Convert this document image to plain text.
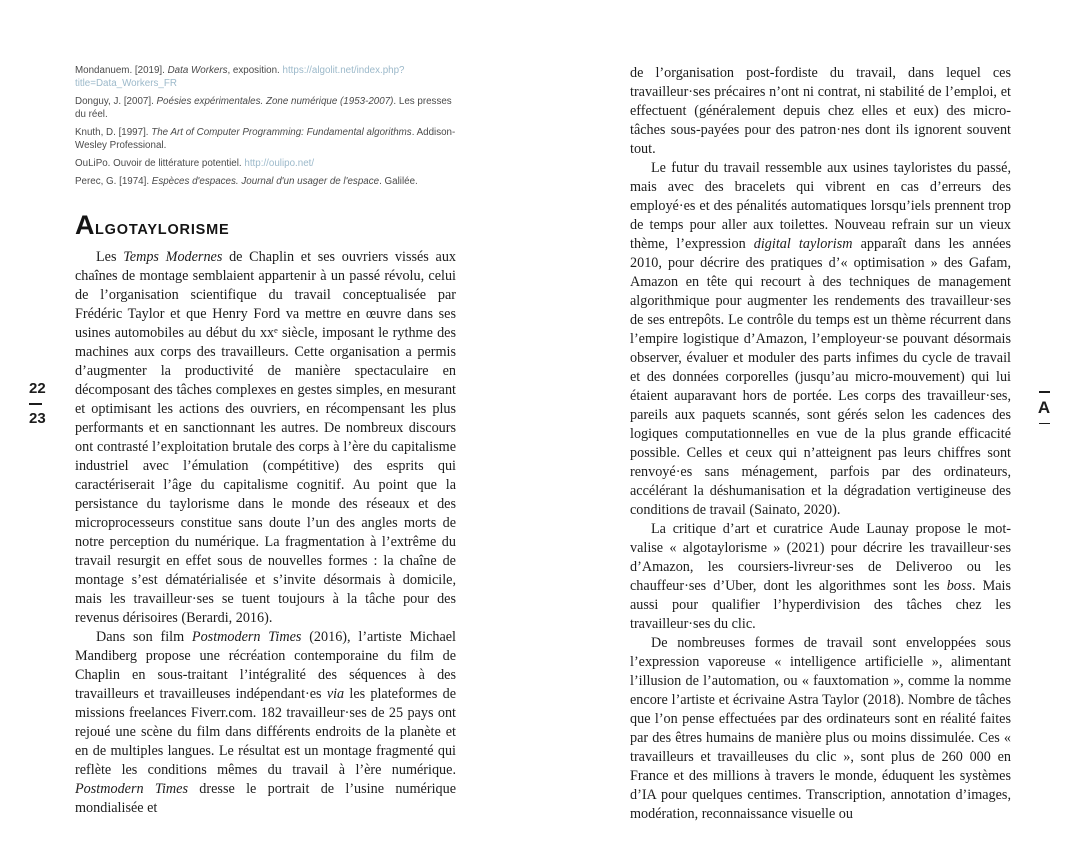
22
23

Mondanuem. [2019]. Data Workers, exposition. https://algolit.net/index.php?title=Data_Workers_FR

Donguy, J. [2007]. Poésies expérimentales. Zone numérique (1953-2007). Les presses du réel.

Knuth, D. [1997]. The Art of Computer Programming: Fundamental algorithms. Addison-Wesley Professional.

OuLiPo. Ouvoir de littérature potentiel. http://oulipo.net/

Perec, G. [1974]. Espèces d'espaces. Journal d'un usager de l'espace. Galilée.

ALGOTAYLORISME

Les Temps Modernes de Chaplin et ses ouvriers vissés aux chaînes de montage semblaient appartenir à un passé révolu, celui de l’organisation scientifique du travail conceptualisée par Frédéric Taylor et que Henry Ford va mettre en œuvre dans ses usines automobiles au début du xxᵉ siècle, imposant le rythme des machines aux corps des travailleurs. Cette organisation a permis d’augmenter la productivité de manière spectaculaire en décomposant des tâches complexes en gestes simples, en mesurant et optimisant les actions des ouvriers, en récompensant les plus performants et en sanctionnant les autres. De nombreux discours ont contrasté l’exploitation brutale des corps à l’ère du capitalisme industriel avec l’émulation (compétitive) des esprits qui caractériserait l’âge du capitalisme cognitif. Au point que la persistance du taylorisme dans le monde des réseaux et des microprocesseurs constitue sans doute l’un des angles morts de notre perception du numérique. La fragmentation à l’extrême du travail resurgit en effet sous de nouvelles formes : la chaîne de montage s’est dématérialisée et s’invite désormais à domicile, mais les travailleur·ses se tuent toujours à la tâche pour des revenus dérisoires (Berardi, 2016).

Dans son film Postmodern Times (2016), l’artiste Michael Mandiberg propose une récréation contemporaine du film de Chaplin en sous-traitant l’intégralité des séquences à des travailleurs et travailleuses indépendant·es via les plateformes de missions freelances Fiverr.com. 182 travailleur·ses de 25 pays ont rejoué une scène du film dans différents endroits de la planète et en de multiples langues. Le résultat est un montage fragmenté qui reflète les conditions mêmes du travail à l’ère numérique. Postmodern Times dresse le portrait de l’usine numérique mondialisée et

de l’organisation post-fordiste du travail, dans lequel ces travailleur·ses précaires n’ont ni contrat, ni stabilité de l’emploi, et effectuent (généralement depuis chez elles et eux) des micro-tâches sous-payées pour des patron·nes dont ils ignorent souvent tout.

Le futur du travail ressemble aux usines tayloristes du passé, mais avec des bracelets qui vibrent en cas d’erreurs des employé·es et des pénalités automatiques lorsqu’iels prennent trop de temps pour aller aux toilettes. Nouveau refrain sur un vieux thème, l’expression digital taylorism apparaît dans les années 2010, pour décrire des pratiques d’« optimisation » des Gafam, Amazon en tête qui recourt à des techniques de management algorithmique pour augmenter les rendements des travailleur·ses de ses entrepôts. Le contrôle du temps est un thème récurrent dans l’empire logistique d’Amazon, l’employeur·se pouvant désormais observer, évaluer et moduler des parts infimes du cycle de travail et des données corporelles (jusqu’au micro-mouvement) qui lui étaient auparavant hors de portée. Les corps des travailleur·ses, pareils aux paquets scannés, sont gérés selon les cadences des logiques computationnelles en vue de la plus grande efficacité possible. Celles et ceux qui n’atteignent pas leurs chiffres sont renvoyé·es sans ménagement, parfois par des ordinateurs, accélérant la déshumanisation et la dégradation vertigineuse des conditions de travail (Sainato, 2020).

La critique d’art et curatrice Aude Launay propose le mot-valise « algotaylorisme » (2021) pour décrire les travailleur·ses d’Amazon, les coursiers-livreur·ses de Deliveroo ou les chauffeur·ses d’Uber, dont les algorithmes sont les boss. Mais aussi pour qualifier l’hyperdivision des tâches chez les travailleur·ses du clic.

De nombreuses formes de travail sont enveloppées sous l’expression vaporeuse « intelligence artificielle », alimentant l’illusion de l’automation, ou « fauxtomation », comme la nomme encore l’artiste et écrivaine Astra Taylor (2018). Nombre de tâches que l’on pense effectuées par des ordinateurs sont en réalité faites par des êtres humains de manière plus ou moins dissimulée. Ces « travailleurs et travailleuses du clic », sont plus de 260 000 en France et des millions à travers le monde, éduquent les systèmes d’IA pour quelques centimes. Transcription, annotation d’images, modération, reconnaissance visuelle ou

A
